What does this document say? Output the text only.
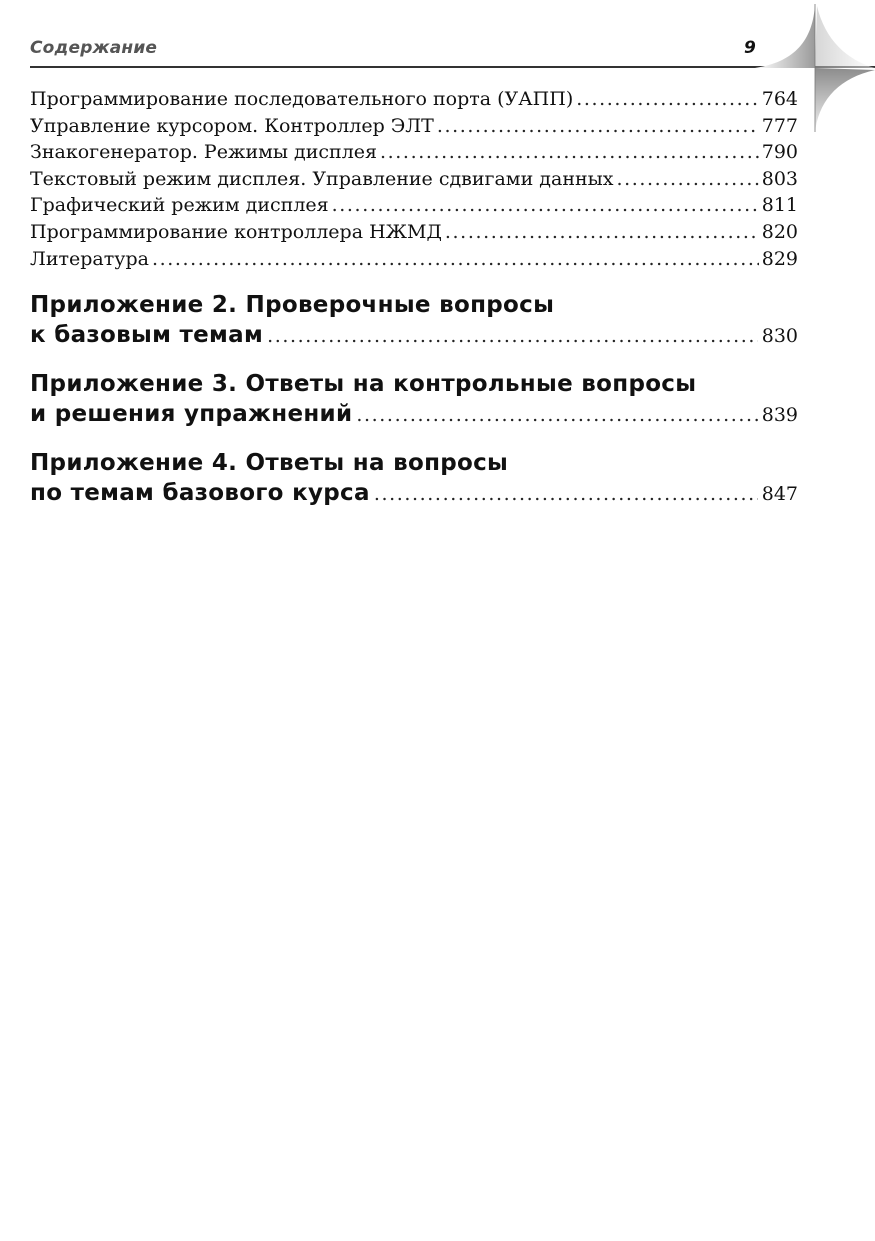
Содержание	9
Программирование последовательного порта (УАПП) .....	764
Управление курсором. Контроллер ЭЛТ .....	777
Знакогенератор. Режимы дисплея .....	790
Текстовый режим дисплея. Управление сдвигами данных .....	803
Графический режим дисплея .....	811
Программирование контроллера НЖМД .....	820
Литература .....	829
Приложение 2. Проверочные вопросы
к базовым темам .....	830
Приложение 3. Ответы на контрольные вопросы
и решения упражнений .....	839
Приложение 4. Ответы на вопросы
по темам базового курса .....	847
